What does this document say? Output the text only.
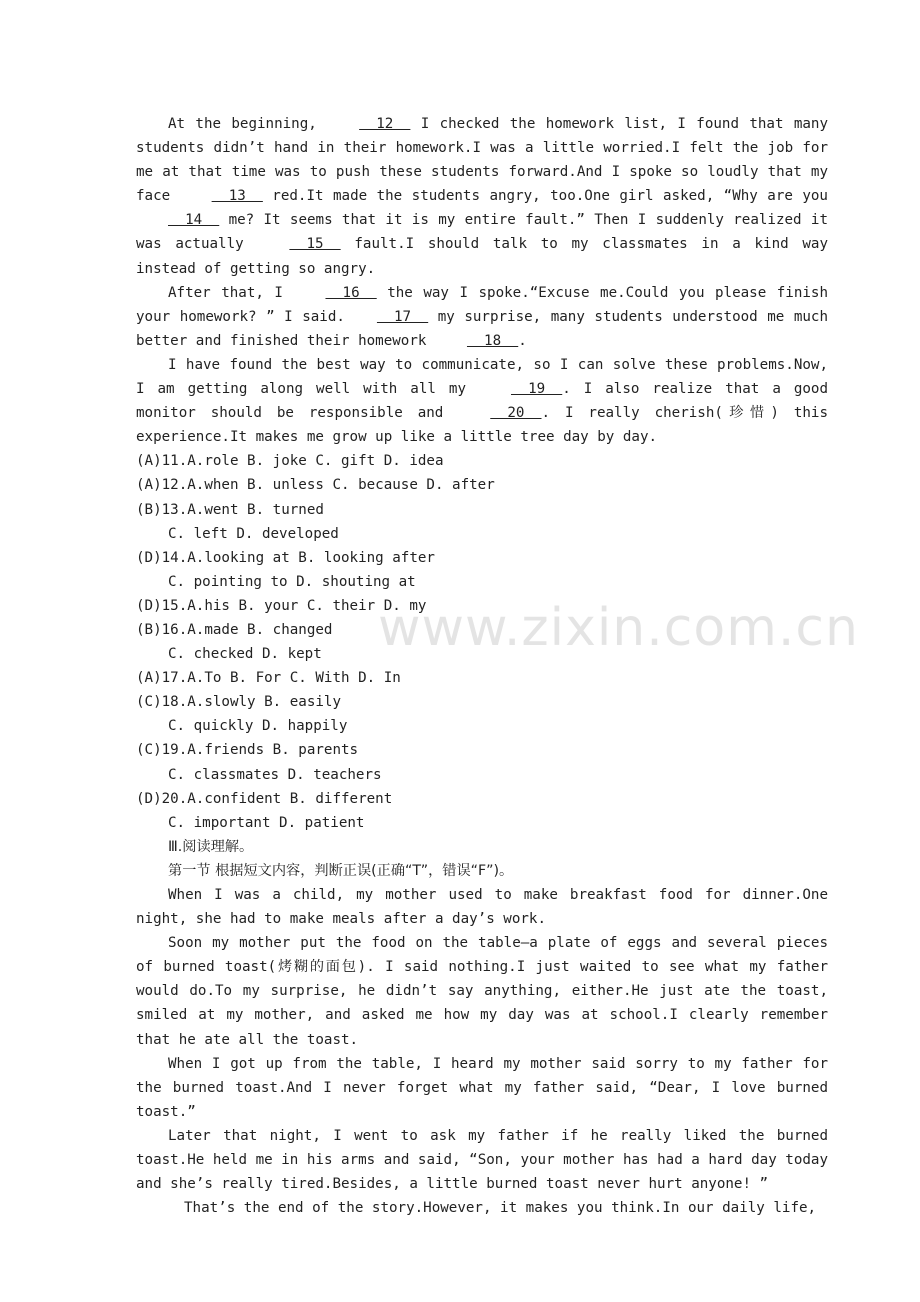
At the beginning,   12   I checked the homework list, I found that many students didn’t hand in their homework.I was a little worried.I felt the job for me at that time was to push these students forward.And I spoke so loudly that my face   13   red.It made the students angry, too.One girl asked, “Why are you   14   me? It seems that it is my entire fault.” Then I suddenly realized it was actually   15   fault.I should talk to my classmates in a kind way instead of getting so angry.

After that, I   16   the way I spoke.“Excuse me.Could you please finish your homework? ” I said.  17   my surprise, many students understood me much better and finished their homework   18  .

I have found the best way to communicate, so I can solve these problems.Now, I am getting along well with all my   19  . I also realize that a good monitor should be responsible and   20  . I really cherish(珍惜) this experience.It makes me grow up like a little tree day by day.

(A)11.A.role B. joke C. gift D. idea

(A)12.A.when B. unless C. because D. after

(B)13.A.went B. turned

C. left D. developed

(D)14.A.looking at B. looking after

C. pointing to D. shouting at

(D)15.A.his B. your C. their D. my

(B)16.A.made B. changed

C. checked D. kept

(A)17.A.To B. For C. With D. In

(C)18.A.slowly B. easily

C. quickly D. happily

(C)19.A.friends B. parents

C. classmates D. teachers

(D)20.A.confident B. different

C. important D. patient

Ⅲ.阅读理解。

第一节 根据短文内容，判断正误(正确“T”，错误“F”)。

When I was a child, my mother used to make breakfast food for dinner.One night, she had to make meals after a day’s work.

Soon my mother put the food on the table—a plate of eggs and several pieces of burned toast(烤糊的面包). I said nothing.I just waited to see what my father would do.To my surprise, he didn’t say anything, either.He just ate the toast, smiled at my mother, and asked me how my day was at school.I clearly remember that he ate all the toast.

When I got up from the table, I heard my mother said sorry to my father for the burned toast.And I never forget what my father said, “Dear, I love burned toast.”

Later that night, I went to ask my father if he really liked the burned toast.He held me in his arms and said, “Son, your mother has had a hard day today and she’s really tired.Besides, a little burned toast never hurt anyone! ”

That’s the end of the story.However, it makes you think.In our daily life,

www.zixin.com.cn
